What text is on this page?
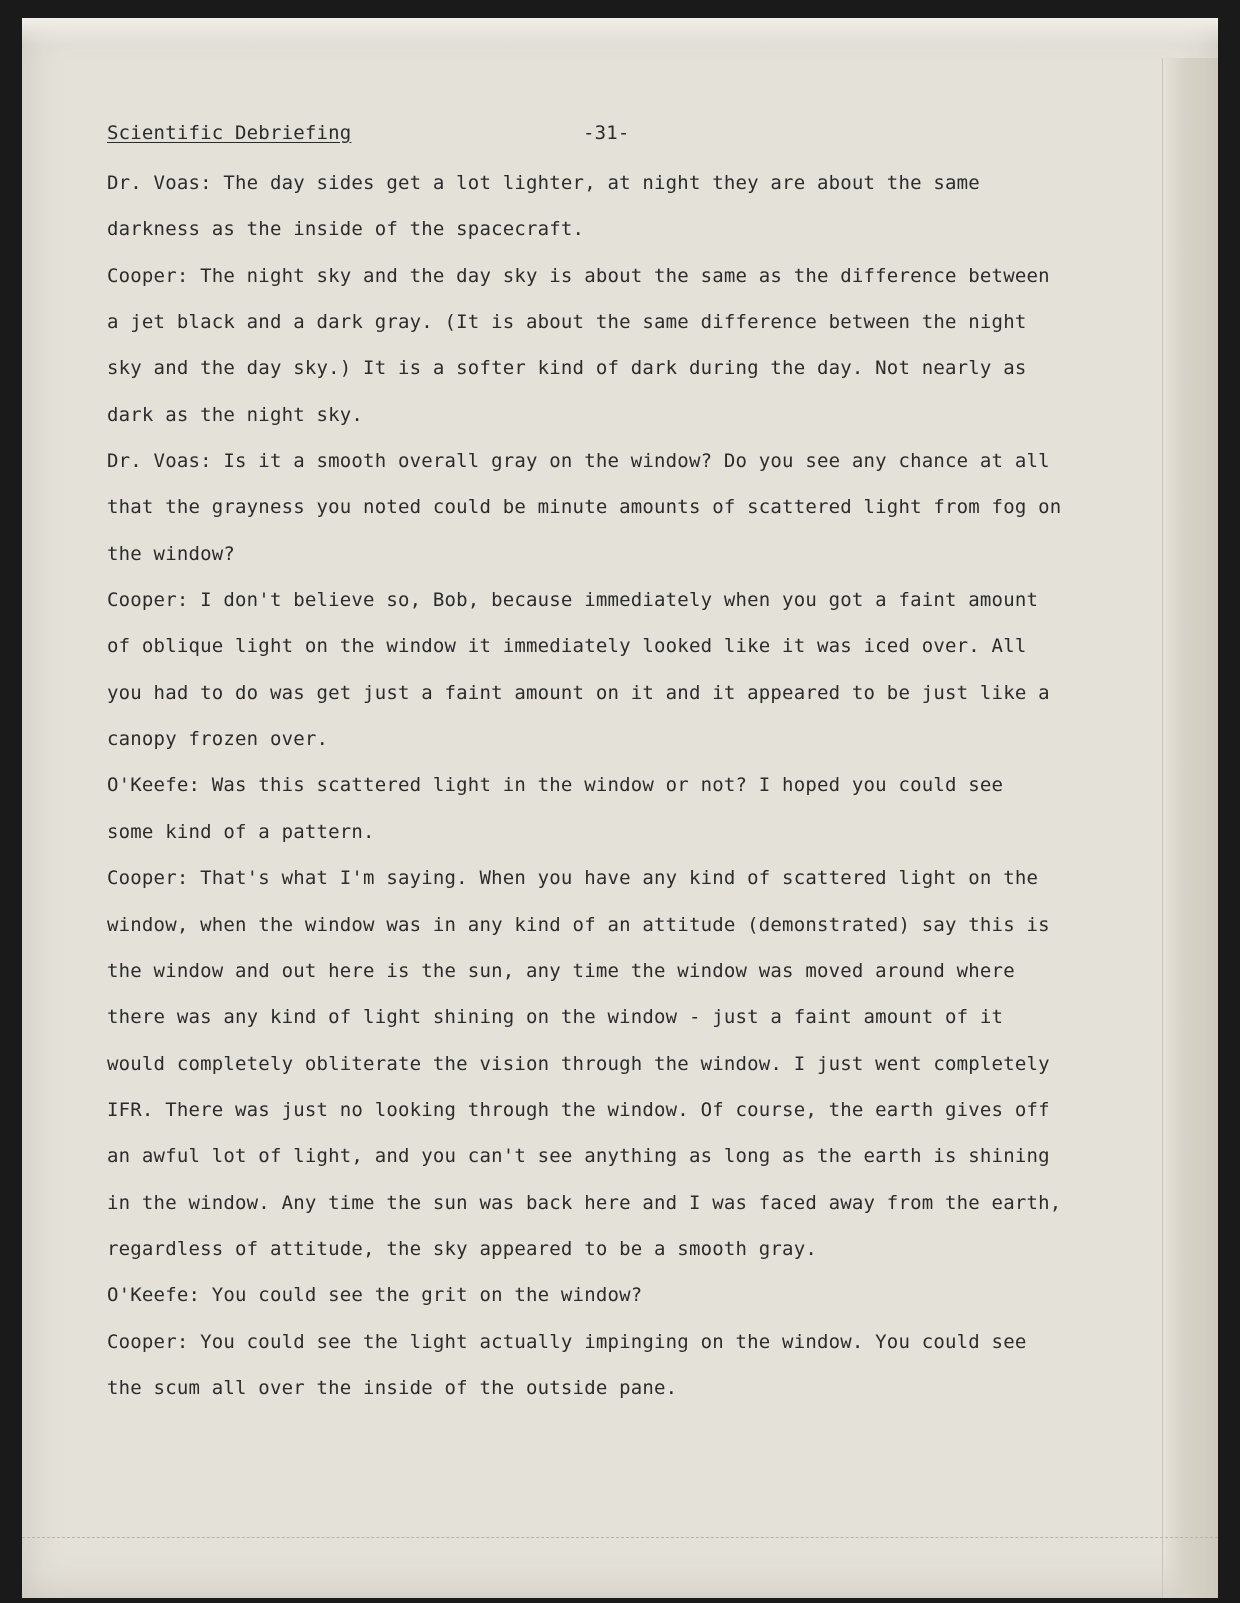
Scientific Debriefing	-31-
Dr. Voas: The day sides get a lot lighter, at night they are about the same
darkness as the inside of the spacecraft.
Cooper: The night sky and the day sky is about the same as the difference between
a jet black and a dark gray. (It is about the same difference between the night
sky and the day sky.) It is a softer kind of dark during the day. Not nearly as
dark as the night sky.
Dr. Voas: Is it a smooth overall gray on the window? Do you see any chance at all
that the grayness you noted could be minute amounts of scattered light from fog on
the window?
Cooper: I don't believe so, Bob, because immediately when you got a faint amount
of oblique light on the window it immediately looked like it was iced over. All
you had to do was get just a faint amount on it and it appeared to be just like a
canopy frozen over.
O'Keefe: Was this scattered light in the window or not? I hoped you could see
some kind of a pattern.
Cooper: That's what I'm saying. When you have any kind of scattered light on the
window, when the window was in any kind of an attitude (demonstrated) say this is
the window and out here is the sun, any time the window was moved around where
there was any kind of light shining on the window - just a faint amount of it
would completely obliterate the vision through the window. I just went completely
IFR. There was just no looking through the window. Of course, the earth gives off
an awful lot of light, and you can't see anything as long as the earth is shining
in the window. Any time the sun was back here and I was faced away from the earth,
regardless of attitude, the sky appeared to be a smooth gray.
O'Keefe: You could see the grit on the window?
Cooper: You could see the light actually impinging on the window. You could see
the scum all over the inside of the outside pane.
